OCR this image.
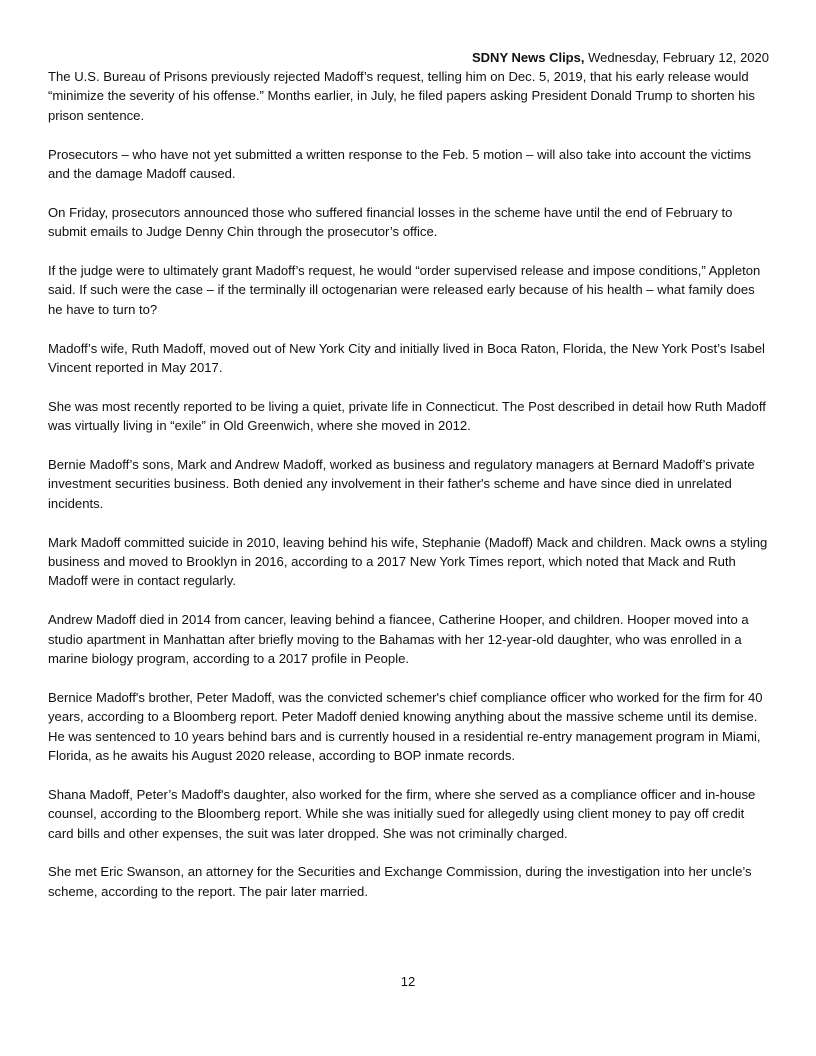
SDNY News Clips, Wednesday, February 12, 2020

The U.S. Bureau of Prisons previously rejected Madoff’s request, telling him on Dec. 5, 2019, that his early release would “minimize the severity of his offense.” Months earlier, in July, he filed papers asking President Donald Trump to shorten his prison sentence.

Prosecutors – who have not yet submitted a written response to the Feb. 5 motion – will also take into account the victims and the damage Madoff caused.

On Friday, prosecutors announced those who suffered financial losses in the scheme have until the end of February to submit emails to Judge Denny Chin through the prosecutor’s office.

If the judge were to ultimately grant Madoff’s request, he would “order supervised release and impose conditions,” Appleton said. If such were the case – if the terminally ill octogenarian were released early because of his health – what family does he have to turn to?

Madoff’s wife, Ruth Madoff, moved out of New York City and initially lived in Boca Raton, Florida, the New York Post’s Isabel Vincent reported in May 2017.

She was most recently reported to be living a quiet, private life in Connecticut. The Post described in detail how Ruth Madoff was virtually living in “exile” in Old Greenwich, where she moved in 2012.

Bernie Madoff’s sons, Mark and Andrew Madoff, worked as business and regulatory managers at Bernard Madoff’s private investment securities business. Both denied any involvement in their father's scheme and have since died in unrelated incidents.

Mark Madoff committed suicide in 2010, leaving behind his wife, Stephanie (Madoff) Mack and children. Mack owns a styling business and moved to Brooklyn in 2016, according to a 2017 New York Times report, which noted that Mack and Ruth Madoff were in contact regularly.

Andrew Madoff died in 2014 from cancer, leaving behind a fiancee, Catherine Hooper, and children. Hooper moved into a studio apartment in Manhattan after briefly moving to the Bahamas with her 12-year-old daughter, who was enrolled in a marine biology program, according to a 2017 profile in People.

Bernice Madoff's brother, Peter Madoff, was the convicted schemer's chief compliance officer who worked for the firm for 40 years, according to a Bloomberg report. Peter Madoff denied knowing anything about the massive scheme until its demise. He was sentenced to 10 years behind bars and is currently housed in a residential re-entry management program in Miami, Florida, as he awaits his August 2020 release, according to BOP inmate records.

Shana Madoff, Peter’s Madoff's daughter, also worked for the firm, where she served as a compliance officer and in-house counsel, according to the Bloomberg report. While she was initially sued for allegedly using client money to pay off credit card bills and other expenses, the suit was later dropped. She was not criminally charged.

She met Eric Swanson, an attorney for the Securities and Exchange Commission, during the investigation into her uncle’s scheme, according to the report. The pair later married.

12
